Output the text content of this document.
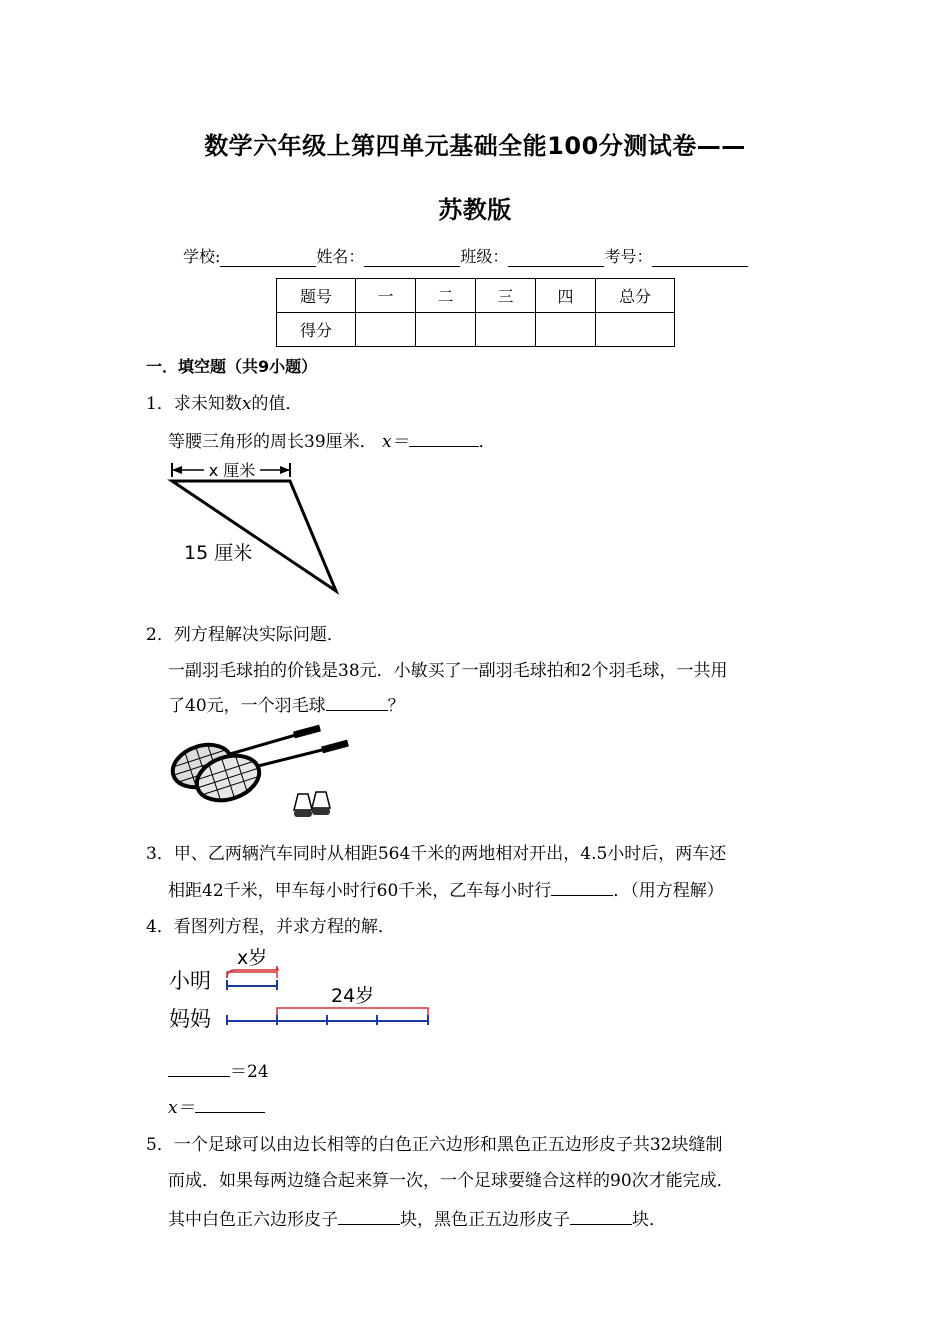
数学六年级上第四单元基础全能100分测试卷——
苏教版
学校:	姓名：	班级：	考号：
题号	一	二	三	四	总分
得分					
一．填空题（共9小题）
1．求未知数x的值．
等腰三角形的周长39厘米． x＝	．
x 厘米
15 厘米
2．列方程解决实际问题．
一副羽毛球拍的价钱是38元．小敏买了一副羽毛球拍和2个羽毛球，一共用
了40元，一个羽毛球	？
3．甲、乙两辆汽车同时从相距564千米的两地相对开出，4.5小时后，两车还
相距42千米，甲车每小时行60千米，乙车每小时行	．（用方程解）
4．看图列方程，并求方程的解．
小明
妈妈
x岁
24岁
＝24
x＝
5．一个足球可以由边长相等的白色正六边形和黑色正五边形皮子共32块缝制
而成．如果每两边缝合起来算一次，一个足球要缝合这样的90次才能完成．
其中白色正六边形皮子	块，黑色正五边形皮子	块．
